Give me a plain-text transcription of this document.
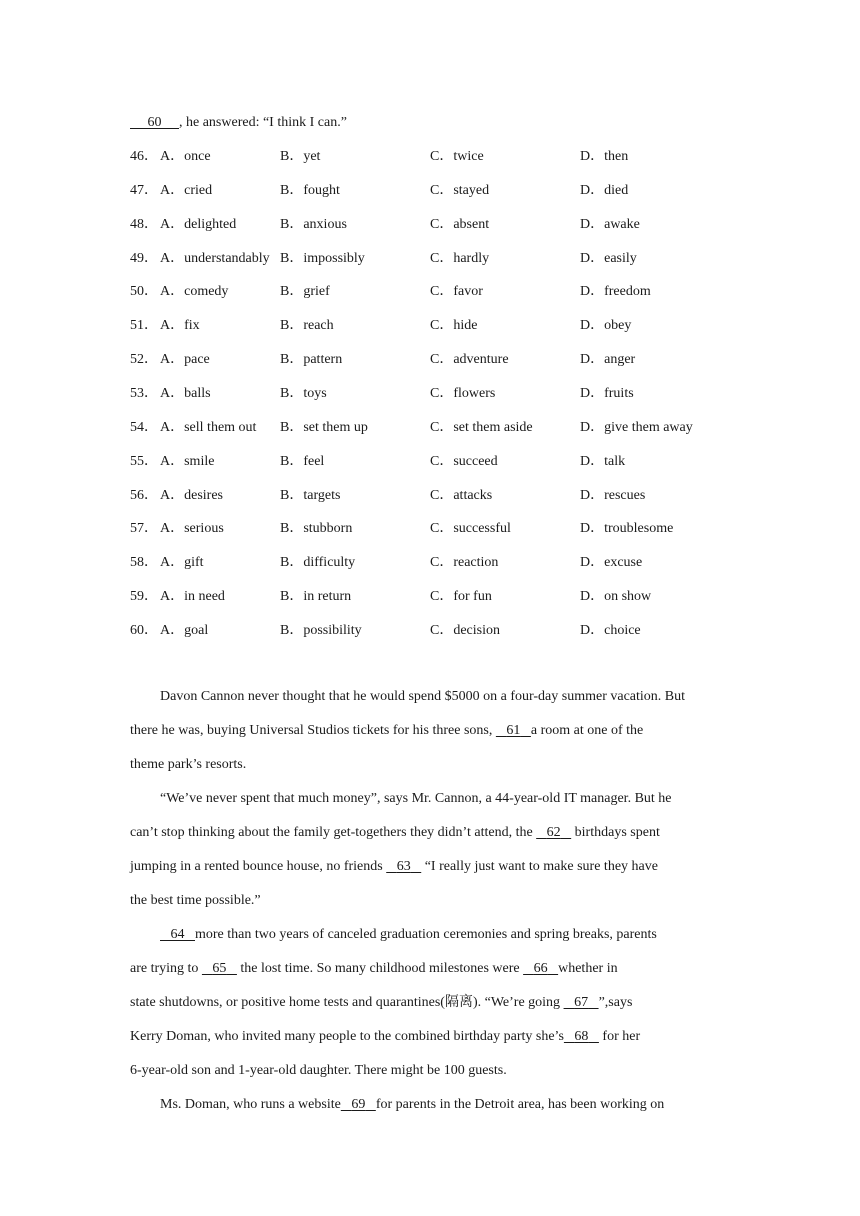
60 , he answered: “I think I can.”
46． A．once	B．yet	C．twice	D．then
47． A．cried	B．fought	C．stayed	D．died
48． A．delighted	B．anxious	C．absent	D．awake
49． A．understandably B．impossibly	C．hardly	D．easily
50． A．comedy	B．grief	C．favor	D．freedom
51． A．fix	B．reach	C．hide	D．obey
52． A．pace	B．pattern	C．adventure	D．anger
53． A．balls	B．toys	C．flowers	D．fruits
54． A．sell them out B．set them up	C．set them aside	D．give them away
55． A．smile	B．feel	C．succeed	D．talk
56． A．desires	B．targets	C．attacks	D．rescues
57． A．serious	B．stubborn	C．successful	D．troublesome
58． A．gift	B．difficulty	C．reaction	D．excuse
59． A．in need	B．in return	C．for fun	D．on show
60． A．goal	B．possibility	C．decision	D．choice
Davon Cannon never thought that he would spend $5000 on a four-day summer vacation. But
there he was, buying Universal Studios tickets for his three sons,    61 a room at one of the
theme park’s resorts.
“We’ve never spent that much money”, says Mr. Cannon, a 44-year-old IT manager. But he
can’t stop thinking about the family get-togethers they didn’t attend, the    62    birthdays spent
jumping in a rented bounce house, no friends    63    “I really just want to make sure they have
the best time possible.”
64 more than two years of canceled graduation ceremonies and spring breaks, parents
are trying to    65    the lost time. So many childhood milestones were    66 whether in
state shutdowns, or positive home tests and quarantines(隔离). “We’re going    67 ”,says
Kerry Doman, who invited many people to the combined birthday party she’s 68    for her
6-year-old son and 1-year-old daughter. There might be 100 guests.
Ms. Doman, who runs a website 69 for parents in the Detroit area, has been working on
